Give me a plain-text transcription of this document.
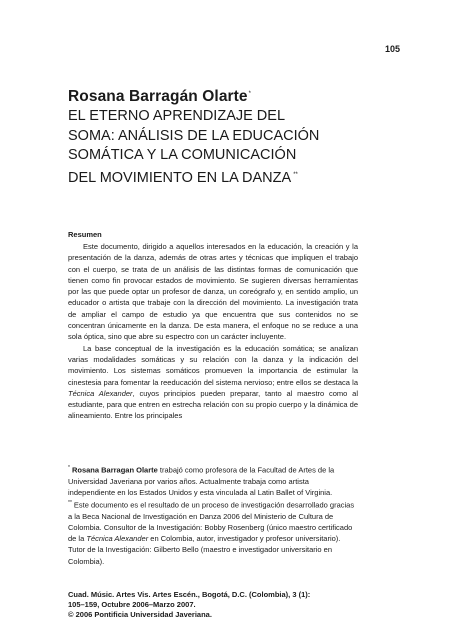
105
Rosana Barragán Olarte*
EL ETERNO APRENDIZAJE DEL
SOMA: ANÁLISIS DE LA EDUCACIÓN
SOMÁTICA Y LA COMUNICACIÓN
DEL MOVIMIENTO EN LA DANZA **
Resumen

Este documento, dirigido a aquellos interesados en la educación, la creación y la presentación de la danza, además de otras artes y técnicas que impliquen el trabajo con el cuerpo, se trata de un análisis de las distintas formas de comunicación que tienen como fin provocar estados de movimiento. Se sugieren diversas herramientas por las que puede optar un profesor de danza, un coreógrafo y, en sentido amplio, un educador o artista que trabaje con la dirección del movimiento. La investigación trata de ampliar el campo de estudio ya que encuentra que sus contenidos no se concentran únicamente en la danza. De esta manera, el enfoque no se reduce a una sola óptica, sino que abre su espectro con un carácter incluyente.

La base conceptual de la investigación es la educación somática; se analizan varias modalidades somáticas y su relación con la danza y la indicación del movimiento. Los sistemas somáticos promueven la importancia de estimular la cinestesia para fomentar la reeducación del sistema nervioso; entre ellos se destaca la Técnica Alexander, cuyos principios pueden preparar, tanto al maestro como al estudiante, para que entren en estrecha relación con su propio cuerpo y la dinámica de alineamiento. Entre los principales

* Rosana Barragan Olarte trabajó como profesora de la Facultad de Artes de la Universidad Javeriana por varios años. Actualmente trabaja como artista independiente en los Estados Unidos y esta vinculada al Latin Ballet of Virginia.

** Este documento es el resultado de un proceso de investigación desarrollado gracias a la Beca Nacional de Investigación en Danza 2006 del Ministerio de Cultura de Colombia. Consultor de la Investigación: Bobby Rosenberg (único maestro certificado de la Técnica Alexander en Colombia, autor, investigador y profesor universitario). Tutor de la Investigación: Gilberto Bello (maestro e investigador universitario en Colombia).

Cuad. Músic. Artes Vis. Artes Escén., Bogotá, D.C. (Colombia), 3 (1):
105–159, Octubre 2006–Marzo 2007.
© 2006 Pontificia Universidad Javeriana.
